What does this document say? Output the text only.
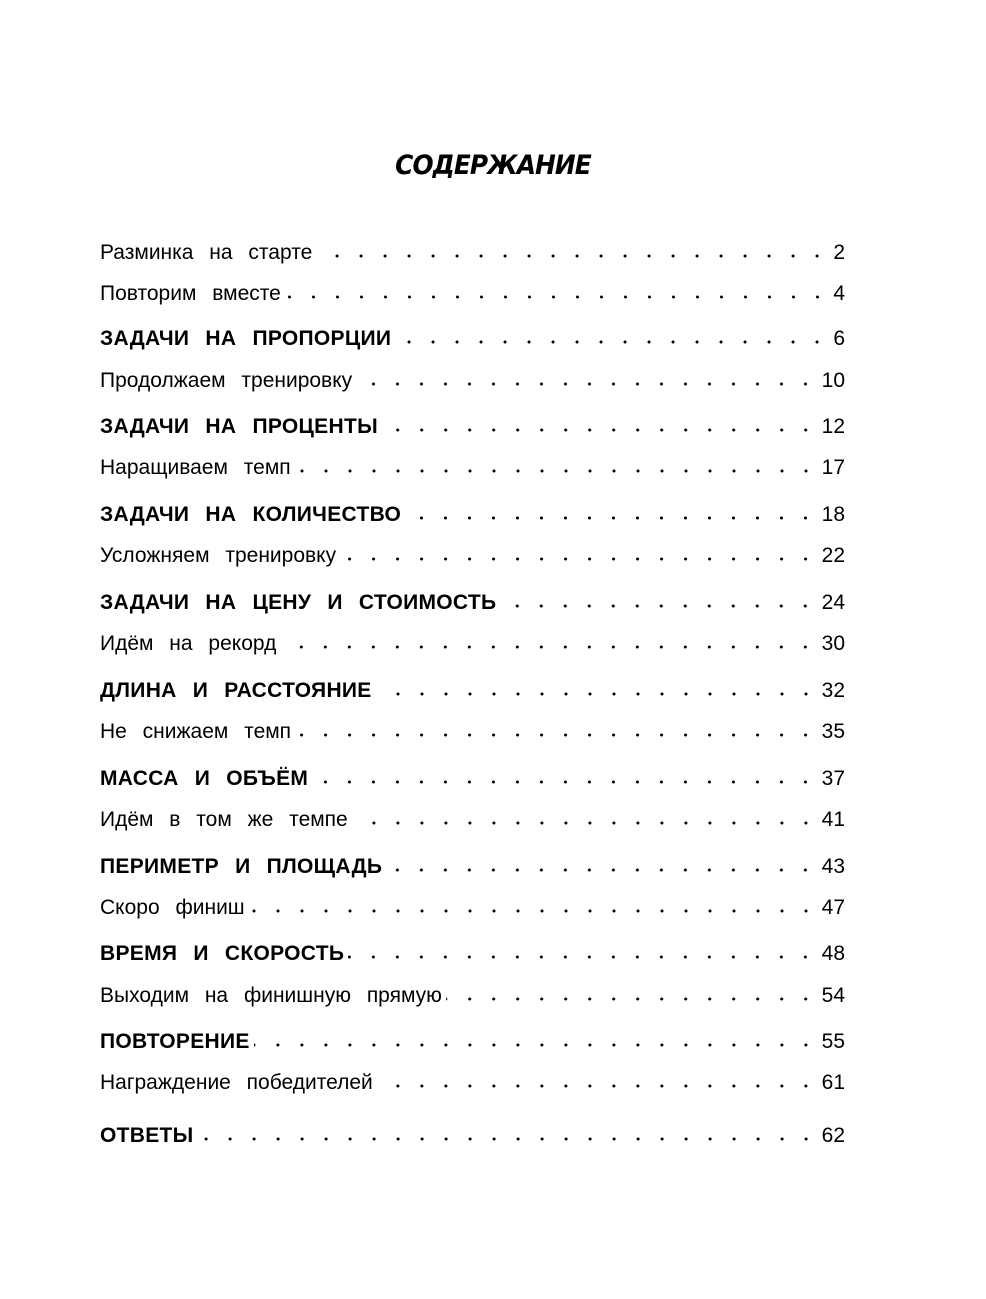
СОДЕРЖАНИЕ
Разминка на старте	2
Повторим вместе	4
ЗАДАЧИ НА ПРОПОРЦИИ	6
Продолжаем тренировку	10
ЗАДАЧИ НА ПРОЦЕНТЫ	12
Наращиваем темп	17
ЗАДАЧИ НА КОЛИЧЕСТВО	18
Усложняем тренировку	22
ЗАДАЧИ НА ЦЕНУ И СТОИМОСТЬ	24
Идём на рекорд	30
ДЛИНА И РАССТОЯНИЕ	32
Не снижаем темп	35
МАССА И ОБЪЁМ	37
Идём в том же темпе	41
ПЕРИМЕТР И ПЛОЩАДЬ	43
Скоро финиш	47
ВРЕМЯ И СКОРОСТЬ	48
Выходим на финишную прямую	54
ПОВТОРЕНИЕ	55
Награждение победителей	61
ОТВЕТЫ	62
